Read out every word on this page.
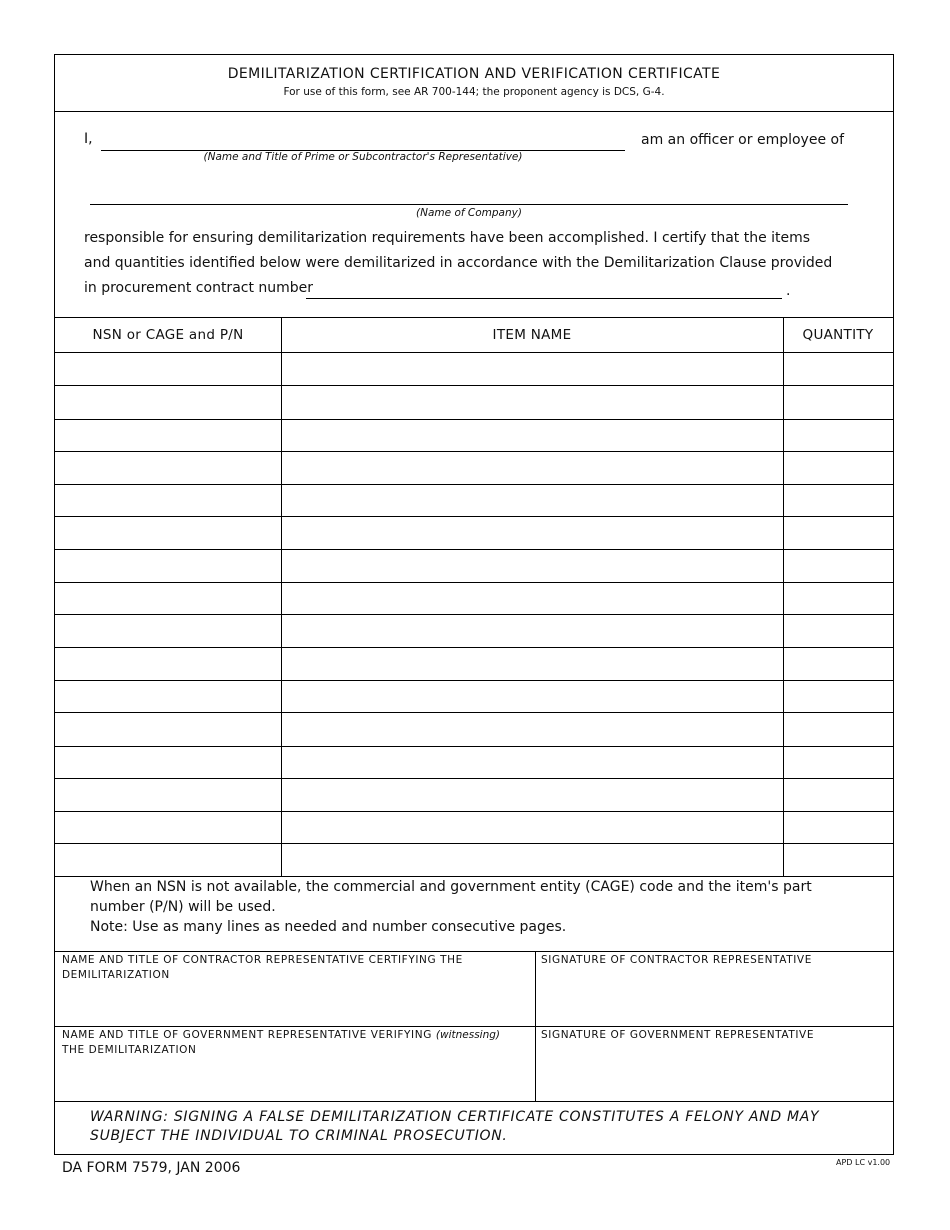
DEMILITARIZATION CERTIFICATION AND VERIFICATION CERTIFICATE
For use of this form, see AR 700-144; the proponent agency is DCS, G-4.
I,	am an officer or employee of
(Name and Title of Prime or Subcontractor's Representative)
(Name of Company)
responsible for ensuring demilitarization requirements have been accomplished. I certify that the items
and quantities identified below were demilitarized in accordance with the Demilitarization Clause provided
in procurement contract number	.
NSN or CAGE and P/N	ITEM NAME	QUANTITY

When an NSN is not available, the commercial and government entity (CAGE) code and the item's part

number (P/N) will be used.

Note: Use as many lines as needed and number consecutive pages.

NAME AND TITLE OF CONTRACTOR REPRESENTATIVE CERTIFYING THE
DEMILITARIZATION
SIGNATURE OF CONTRACTOR REPRESENTATIVE
NAME AND TITLE OF GOVERNMENT REPRESENTATIVE VERIFYING (witnessing)
THE DEMILITARIZATION
SIGNATURE OF GOVERNMENT REPRESENTATIVE
WARNING: SIGNING A FALSE DEMILITARIZATION CERTIFICATE CONSTITUTES A FELONY AND MAY
SUBJECT THE INDIVIDUAL TO CRIMINAL PROSECUTION.
DA FORM 7579, JAN 2006	APD LC v1.00
